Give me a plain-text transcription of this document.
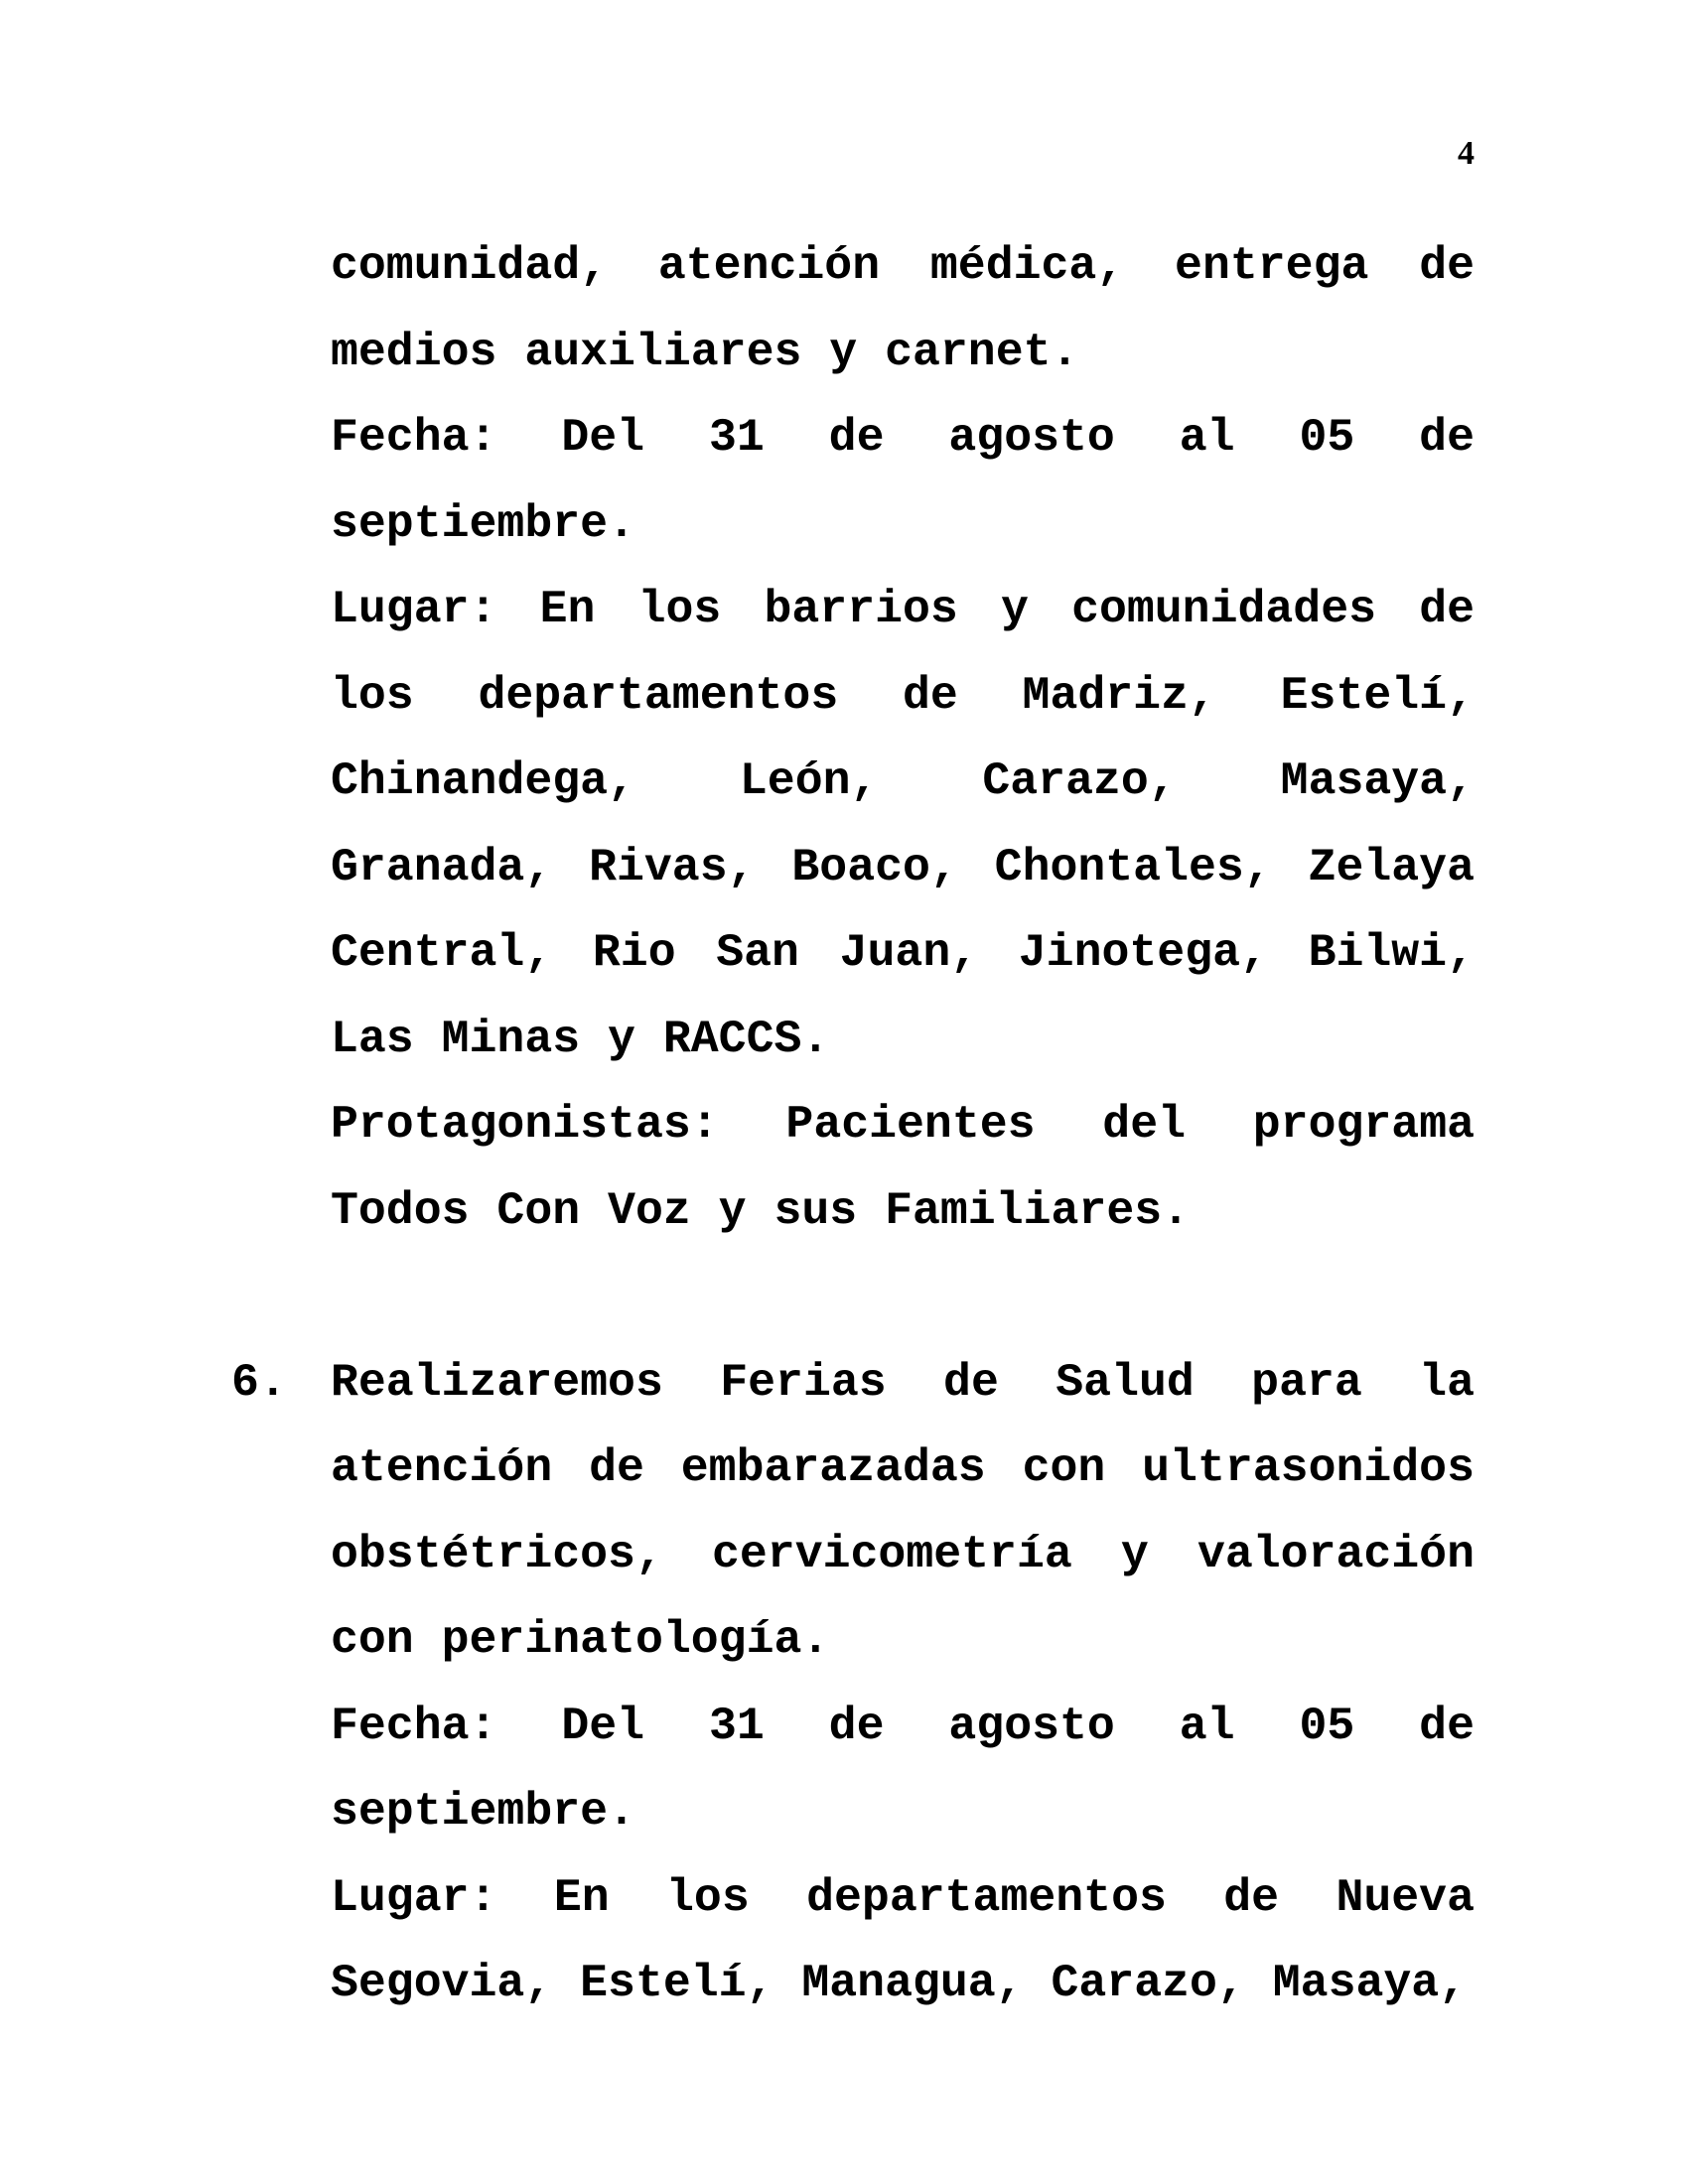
4

comunidad, atención médica, entrega de medios auxiliares y carnet.

Fecha: Del 31 de agosto al 05 de septiembre.

Lugar: En los barrios y comunidades de los departamentos de Madriz, Estelí, Chinandega, León, Carazo, Masaya, Granada, Rivas, Boaco, Chontales, Zelaya Central, Rio San Juan, Jinotega, Bilwi, Las Minas y RACCS.

Protagonistas: Pacientes del programa Todos Con Voz y sus Familiares.

6. Realizaremos Ferias de Salud para la atención de embarazadas con ultrasonidos obstétricos, cervicometría y valoración con perinatología.

Fecha: Del 31 de agosto al 05 de septiembre.

Lugar: En los departamentos de Nueva Segovia, Estelí, Managua, Carazo, Masaya,
